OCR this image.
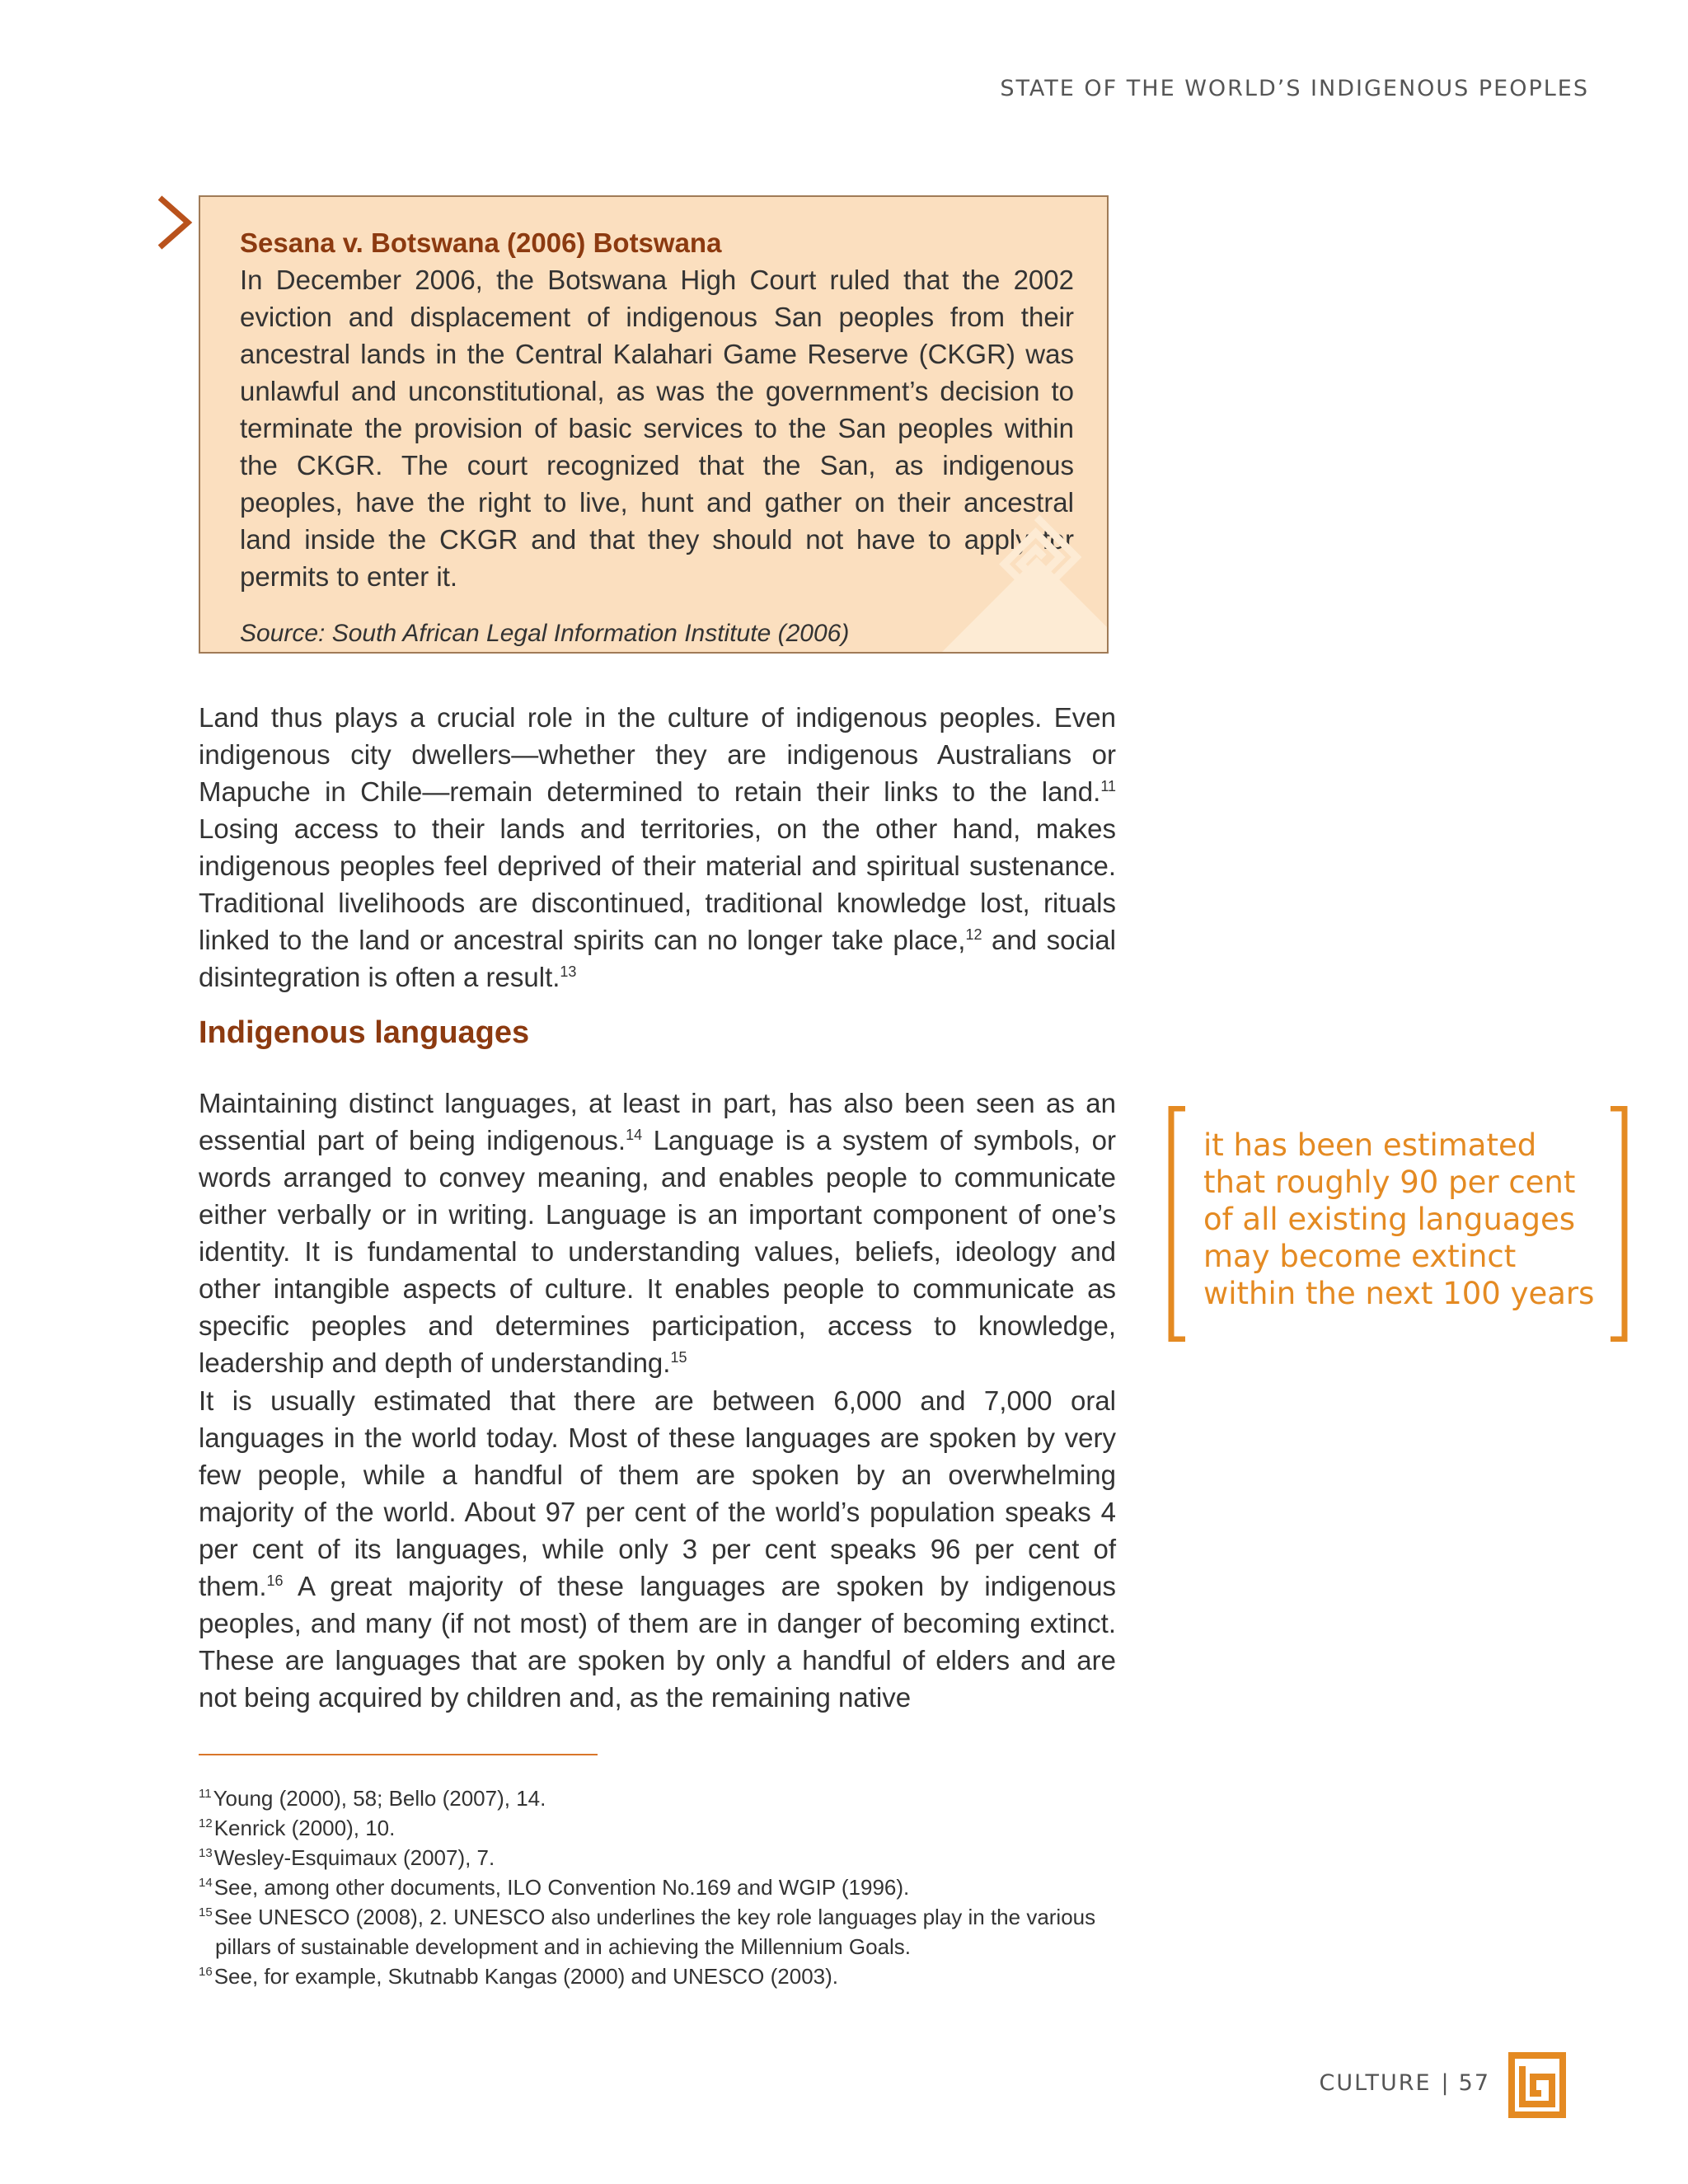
STATE OF THE WORLD’S INDIGENOUS PEOPLES
Sesana v. Botswana (2006) Botswana
In December 2006, the Botswana High Court ruled that the 2002 eviction and displacement of indigenous San peoples from their ancestral lands in the Central Kalahari Game Reserve (CKGR) was unlawful and unconstitutional, as was the government’s decision to terminate the provision of basic services to the San peoples within the CKGR. The court recognized that the San, as indigenous peoples, have the right to live, hunt and gather on their ancestral land inside the CKGR and that they should not have to apply for permits to enter it.
Source: South African Legal Information Institute (2006)

Land thus plays a crucial role in the culture of indigenous peoples. Even indigenous city dwellers—whether they are indigenous Australians or Mapuche in Chile—remain determined to retain their links to the land.$^{11}$ Losing access to their lands and territories, on the other hand, makes indigenous peoples feel deprived of their material and spiritual sustenance. Traditional livelihoods are discontinued, traditional knowledge lost, rituals linked to the land or ancestral spirits can no longer take place,$^{12}$ and social disintegration is often a result.$^{13}$

Indigenous languages

Maintaining distinct languages, at least in part, has also been seen as an essential part of being indigenous.$^{14}$ Language is a system of symbols, or words arranged to convey meaning, and enables people to communicate either verbally or in writing. Language is an important component of one’s identity. It is fundamental to understanding values, beliefs, ideology and other intangible aspects of culture. It enables people to communicate as specific peoples and determines participation, access to knowledge, leadership and depth of understanding.$^{15}$

It is usually estimated that there are between 6,000 and 7,000 oral languages in the world today. Most of these languages are spoken by very few people, while a handful of them are spoken by an overwhelming majority of the world. About 97 per cent of the world’s population speaks 4 per cent of its languages, while only 3 per cent speaks 96 per cent of them.$^{16}$ A great majority of these languages are spoken by indigenous peoples, and many (if not most) of them are in danger of becoming extinct. These are languages that are spoken by only a handful of elders and are not being acquired by children and, as the remaining native

it has been estimated that roughly 90 per cent of all existing languages may become extinct within the next 100 years

$^{11}$Young (2000), 58; Bello (2007), 14.

$^{12}$Kenrick (2000), 10.

$^{13}$Wesley-Esquimaux (2007), 7.

$^{14}$See, among other documents, ILO Convention No.169 and WGIP (1996).

$^{15}$See UNESCO (2008), 2. UNESCO also underlines the key role languages play in the various pillars of sustainable development and in achieving the Millennium Goals.

$^{16}$See, for example, Skutnabb Kangas (2000) and UNESCO (2003).

CULTURE | 57
